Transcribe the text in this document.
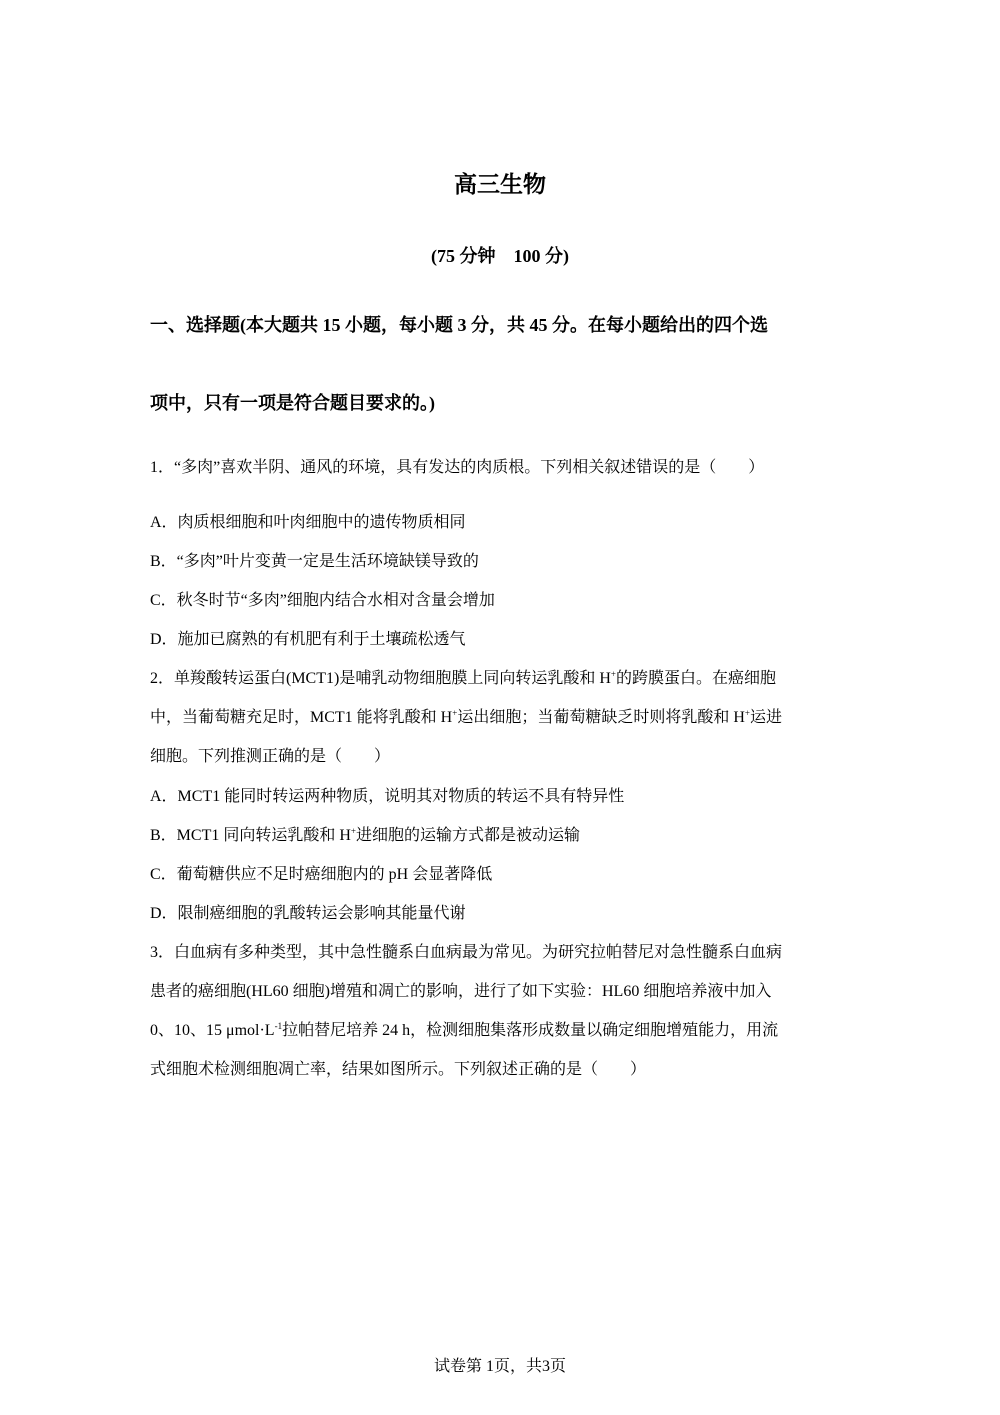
高三生物
(75 分钟　100 分)
一、选择题(本大题共 15 小题，每小题 3 分，共 45 分。在每小题给出的四个选
项中，只有一项是符合题目要求的。)
1．“多肉”喜欢半阴、通风的环境，具有发达的肉质根。下列相关叙述错误的是（　　）
A．肉质根细胞和叶肉细胞中的遗传物质相同
B．“多肉”叶片变黄一定是生活环境缺镁导致的
C．秋冬时节“多肉”细胞内结合水相对含量会增加
D．施加已腐熟的有机肥有利于土壤疏松透气
2．单羧酸转运蛋白(MCT1)是哺乳动物细胞膜上同向转运乳酸和 H+的跨膜蛋白。在癌细胞
中，当葡萄糖充足时，MCT1 能将乳酸和 H+运出细胞；当葡萄糖缺乏时则将乳酸和 H+运进
细胞。下列推测正确的是（　　）
A．MCT1 能同时转运两种物质，说明其对物质的转运不具有特异性
B．MCT1 同向转运乳酸和 H+进细胞的运输方式都是被动运输
C．葡萄糖供应不足时癌细胞内的 pH 会显著降低
D．限制癌细胞的乳酸转运会影响其能量代谢
3．白血病有多种类型，其中急性髓系白血病最为常见。为研究拉帕替尼对急性髓系白血病
患者的癌细胞(HL60 细胞)增殖和凋亡的影响，进行了如下实验：HL60 细胞培养液中加入
0、10、15 $\mu mol\cdot L^{-1}$拉帕替尼培养 24 h，检测细胞集落形成数量以确定细胞增殖能力，用流
式细胞术检测细胞凋亡率，结果如图所示。下列叙述正确的是（　　）
试卷第 1页，共3页
